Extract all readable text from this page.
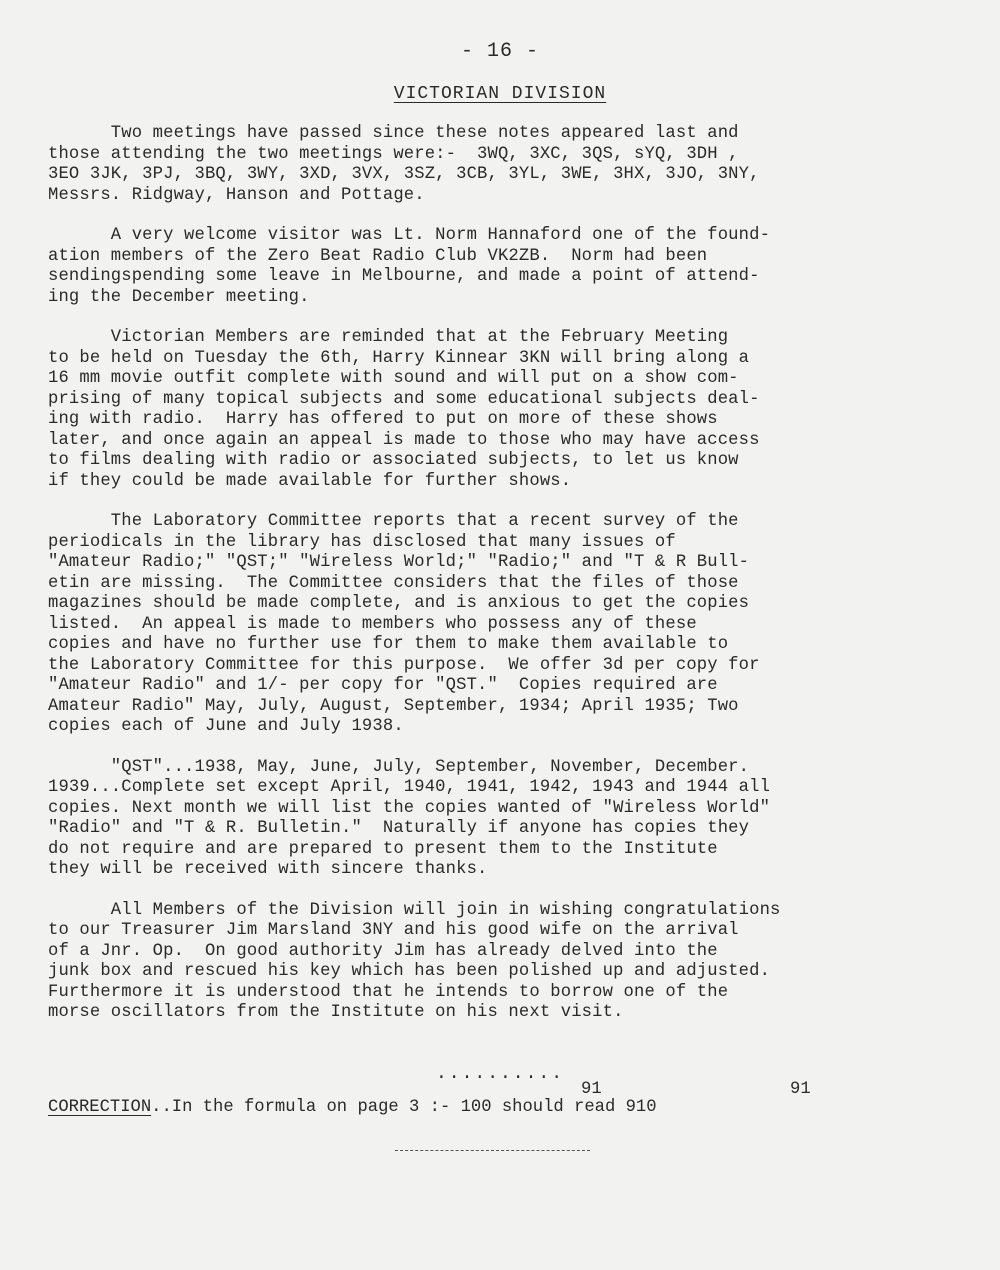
- 16 -
VICTORIAN DIVISION
Two meetings have passed since these notes appeared last and
those attending the two meetings were:-  3WQ, 3XC, 3QS, sYQ, 3DH ,
3EO 3JK, 3PJ, 3BQ, 3WY, 3XD, 3VX, 3SZ, 3CB, 3YL, 3WE, 3HX, 3JO, 3NY,
Messrs. Ridgway, Hanson and Pottage.
A very welcome visitor was Lt. Norm Hannaford one of the found-
ation members of the Zero Beat Radio Club VK2ZB.  Norm had been
sendingspending some leave in Melbourne, and made a point of attend-
ing the December meeting.
Victorian Members are reminded that at the February Meeting
to be held on Tuesday the 6th, Harry Kinnear 3KN will bring along a
16 mm movie outfit complete with sound and will put on a show com-
prising of many topical subjects and some educational subjects deal-
ing with radio.  Harry has offered to put on more of these shows
later, and once again an appeal is made to those who may have access
to films dealing with radio or associated subjects, to let us know
if they could be made available for further shows.
The Laboratory Committee reports that a recent survey of the
periodicals in the library has disclosed that many issues of
"Amateur Radio;" "QST;" "Wireless World;" "Radio;" and "T & R Bull-
etin are missing.  The Committee considers that the files of those
magazines should be made complete, and is anxious to get the copies
listed.  An appeal is made to members who possess any of these
copies and have no further use for them to make them available to
the Laboratory Committee for this purpose.  We offer 3d per copy for
"Amateur Radio" and 1/- per copy for "QST."  Copies required are
Amateur Radio" May, July, August, September, 1934; April 1935; Two
copies each of June and July 1938.
"QST"...1938, May, June, July, September, November, December.
1939...Complete set except April, 1940, 1941, 1942, 1943 and 1944 all
copies. Next month we will list the copies wanted of "Wireless World"
"Radio" and "T & R. Bulletin."  Naturally if anyone has copies they
do not require and are prepared to present them to the Institute
they will be received with sincere thanks.
All Members of the Division will join in wishing congratulations
to our Treasurer Jim Marsland 3NY and his good wife on the arrival
of a Jnr. Op.  On good authority Jim has already delved into the
junk box and rescued his key which has been polished up and adjusted.
Furthermore it is understood that he intends to borrow one of the
morse oscillators from the Institute on his next visit.
..........
91	91
CORRECTION..In the formula on page 3 :- 100 should read 910
